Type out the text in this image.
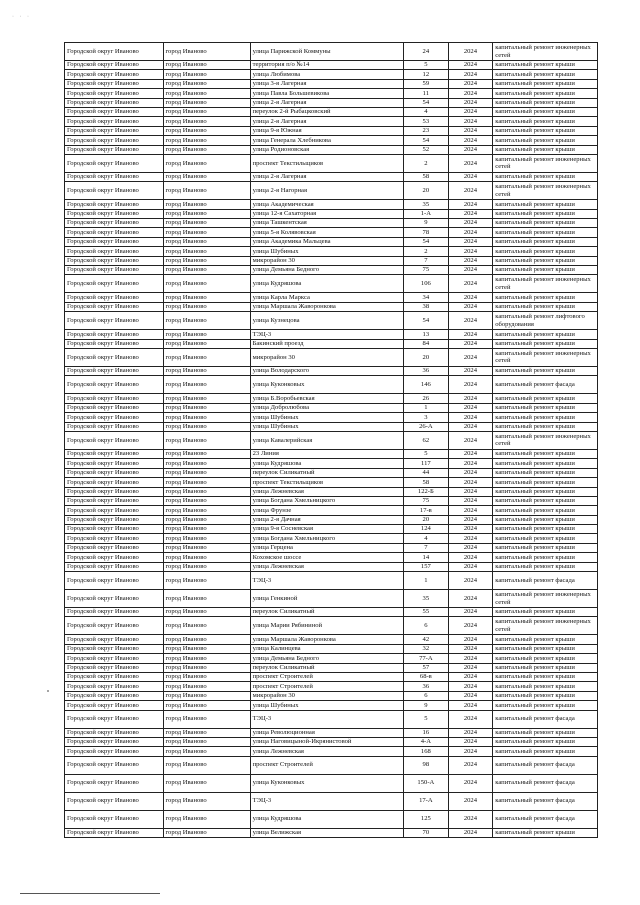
· · ·
Городской округ Иваново	город Иваново	улица Парижской Коммуны	24	2024	капитальный ремонт инженерных сетей
Городской округ Иваново	город Иваново	территория п/о №14	5	2024	капитальный ремонт крыши
Городской округ Иваново	город Иваново	улица Любимова	12	2024	капитальный ремонт крыши
Городской округ Иваново	город Иваново	улица 3-я Лагерная	59	2024	капитальный ремонт крыши
Городской округ Иваново	город Иваново	улица Павла Большевикова	11	2024	капитальный ремонт крыши
Городской округ Иваново	город Иваново	улица 2-я Лагерная	54	2024	капитальный ремонт крыши
Городской округ Иваново	город Иваново	переулок 2-й Рыбацковский	4	2024	капитальный ремонт крыши
Городской округ Иваново	город Иваново	улица 2-я Лагерная	53	2024	капитальный ремонт крыши
Городской округ Иваново	город Иваново	улица 9-я Южная	23	2024	капитальный ремонт крыши
Городской округ Иваново	город Иваново	улица Генерала Хлебникова	54	2024	капитальный ремонт крыши
Городской округ Иваново	город Иваново	улица Родионовская	52	2024	капитальный ремонт крыши
Городской округ Иваново	город Иваново	проспект Текстильщиков	2	2024	капитальный ремонт инженерных сетей
Городской округ Иваново	город Иваново	улица 2-я Лагерная	58	2024	капитальный ремонт крыши
Городской округ Иваново	город Иваново	улица 2-я Нагорная	20	2024	капитальный ремонт инженерных сетей
Городской округ Иваново	город Иваново	улица Академическая	35	2024	капитальный ремонт крыши
Городской округ Иваново	город Иваново	улица 12-я Сахаторная	1-А	2024	капитальный ремонт крыши
Городской округ Иваново	город Иваново	улица Ташкентская	9	2024	капитальный ремонт крыши
Городской округ Иваново	город Иваново	улица 5-я Колявовская	78	2024	капитальный ремонт крыши
Городской округ Иваново	город Иваново	улица Академика Мальцева	54	2024	капитальный ремонт крыши
Городской округ Иваново	город Иваново	улица Шубиных	2	2024	капитальный ремонт крыши
Городской округ Иваново	город Иваново	микрорайон 30	7	2024	капитальный ремонт крыши
Городской округ Иваново	город Иваново	улица Демьяна Бедного	75	2024	капитальный ремонт крыши
Городской округ Иваново	город Иваново	улица Кудряшова	106	2024	капитальный ремонт инженерных сетей
Городской округ Иваново	город Иваново	улица Карла Маркса	34	2024	капитальный ремонт крыши
Городской округ Иваново	город Иваново	улица Маршала Жаворонкова	38	2024	капитальный ремонт крыши
Городской округ Иваново	город Иваново	улица Кузнецова	54	2024	капитальный ремонт лифтового оборудования
Городской округ Иваново	город Иваново	ТЭЦ-3	13	2024	капитальный ремонт крыши
Городской округ Иваново	город Иваново	Бакинский проезд	84	2024	капитальный ремонт крыши
Городской округ Иваново	город Иваново	микрорайон 30	20	2024	капитальный ремонт инженерных сетей
Городской округ Иваново	город Иваново	улица Володарского	36	2024	капитальный ремонт крыши
Городской округ Иваново	город Иваново	улица Куконковых	146	2024	капитальный ремонт фасада
Городской округ Иваново	город Иваново	улица Б.Воробьевская	26	2024	капитальный ремонт крыши
Городской округ Иваново	город Иваново	улица Добролюбова	1	2024	капитальный ремонт крыши
Городской округ Иваново	город Иваново	улица Шубиных	3	2024	капитальный ремонт крыши
Городской округ Иваново	город Иваново	улица Шубиных	26-А	2024	капитальный ремонт крыши
Городской округ Иваново	город Иваново	улица Кавалерийская	62	2024	капитальный ремонт инженерных сетей
Городской округ Иваново	город Иваново	23 Линия	5	2024	капитальный ремонт крыши
Городской округ Иваново	город Иваново	улица Кудряшова	117	2024	капитальный ремонт крыши
Городской округ Иваново	город Иваново	переулок Силикатный	44	2024	капитальный ремонт крыши
Городской округ Иваново	город Иваново	проспект Текстильщиков	58	2024	капитальный ремонт крыши
Городской округ Иваново	город Иваново	улица Лежневская	122-Б	2024	капитальный ремонт крыши
Городской округ Иваново	город Иваново	улица Богдана Хмельницкого	75	2024	капитальный ремонт крыши
Городской округ Иваново	город Иваново	улица Фрунзе	17-в	2024	капитальный ремонт крыши
Городской округ Иваново	город Иваново	улица 2-я Дачная	20	2024	капитальный ремонт крыши
Городской округ Иваново	город Иваново	улица 9-я Сосневская	124	2024	капитальный ремонт крыши
Городской округ Иваново	город Иваново	улица Богдана Хмельницкого	4	2024	капитальный ремонт крыши
Городской округ Иваново	город Иваново	улица Герцена	7	2024	капитальный ремонт крыши
Городской округ Иваново	город Иваново	Кохомское шоссе	14	2024	капитальный ремонт крыши
Городской округ Иваново	город Иваново	улица Лежневская	157	2024	капитальный ремонт крыши
Городской округ Иваново	город Иваново	ТЭЦ-3	1	2024	капитальный ремонт фасада
Городской округ Иваново	город Иваново	улица Генкиной	35	2024	капитальный ремонт инженерных сетей
Городской округ Иваново	город Иваново	переулок Силикатный	55	2024	капитальный ремонт крыши
Городской округ Иваново	город Иваново	улица Марии Рябининой	6	2024	капитальный ремонт инженерных сетей
Городской округ Иваново	город Иваново	улица Маршала Жаворонкова	42	2024	капитальный ремонт крыши
Городской округ Иваново	город Иваново	улица Калинцева	32	2024	капитальный ремонт крыши
Городской округ Иваново	город Иваново	улица Демьяна Бедного	77-А	2024	капитальный ремонт крыши
Городской округ Иваново	город Иваново	переулок Силикатный	57	2024	капитальный ремонт крыши
Городской округ Иваново	город Иваново	проспект Строителей	68-в	2024	капитальный ремонт крыши
Городской округ Иваново	город Иваново	проспект Строителей	36	2024	капитальный ремонт крыши
Городской округ Иваново	город Иваново	микрорайон 30	6	2024	капитальный ремонт крыши
Городской округ Иваново	город Иваново	улица Шубиных	9	2024	капитальный ремонт крыши
Городской округ Иваново	город Иваново	ТЭЦ-3	5	2024	капитальный ремонт фасада
Городской округ Иваново	город Иваново	улица Революционная	16	2024	капитальный ремонт крыши
Городской округ Иваново	город Иваново	улица Наговицыной-Икрянистовой	4-А	2024	капитальный ремонт крыши
Городской округ Иваново	город Иваново	улица Лежневская	168	2024	капитальный ремонт крыши
Городской округ Иваново	город Иваново	проспект Строителей	98	2024	капитальный ремонт фасада
Городской округ Иваново	город Иваново	улица Куконковых	150-А	2024	капитальный ремонт фасада
Городской округ Иваново	город Иваново	ТЭЦ-3	17-А	2024	капитальный ремонт фасада
Городской округ Иваново	город Иваново	улица Кудряшова	125	2024	капитальный ремонт фасада
Городской округ Иваново	город Иваново	улица Велижская	70	2024	капитальный ремонт крыши
